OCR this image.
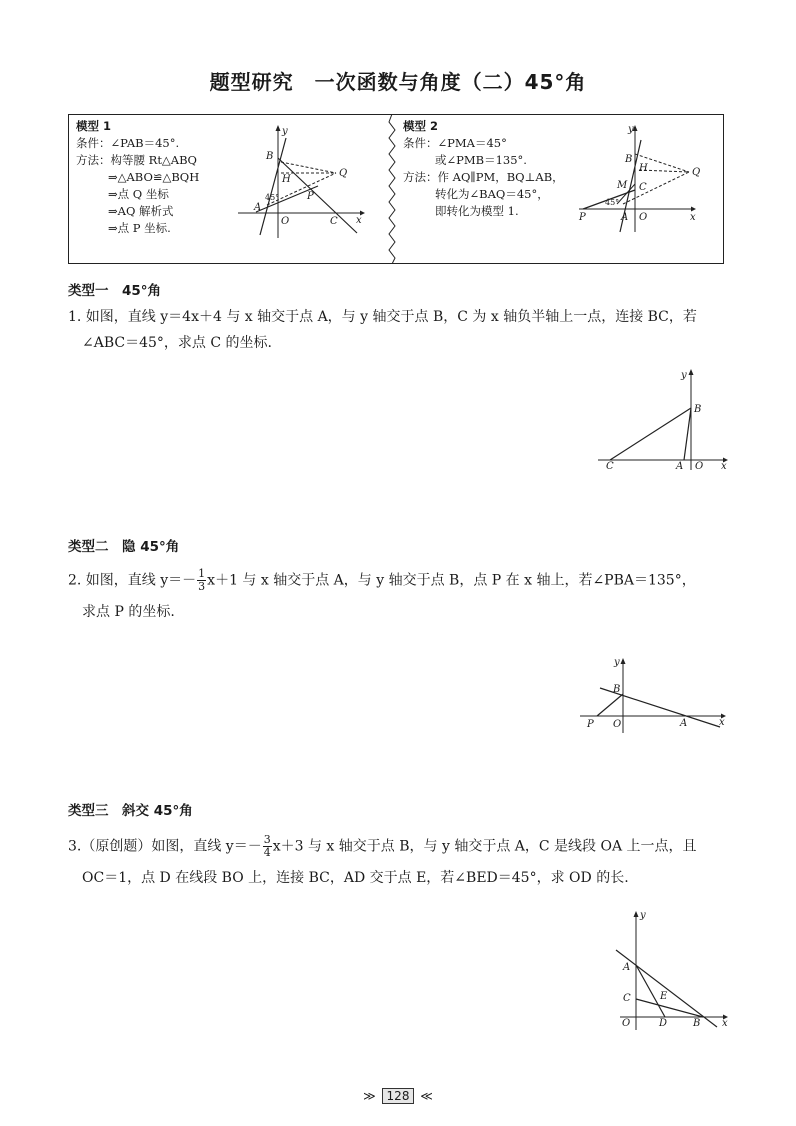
题型研究　一次函数与角度（二）45°角
模型 1
条件：∠PAB＝45°.
方法：构等腰 Rt△ABQ
⇒△ABO≌△BQH
⇒点 Q 坐标
⇒AQ 解析式
⇒点 P 坐标.
x
y
B
H
Q
P
A
O	C
45°
模型 2
条件：∠PMA＝45°
或∠PMB＝135°.
方法：作 AQ∥PM，BQ⊥AB，
转化为∠BAQ＝45°，
即转化为模型 1.	x
y
B
H	Q
M C
P	A O
45°
类型一　45°角
1. 如图，直线 y＝4x＋4 与 x 轴交于点 A，与 y 轴交于点 B，C 为 x 轴负半轴上一点，连接 BC，若
∠ABC＝45°，求点 C 的坐标.
x
y
B
C	A O
类型二　隐 45°角
2. 如图，直线 $y=- \frac{1}{3} x+1$ 与 x 轴交于点 A，与 y 轴交于点 B，点 P 在 x 轴上，若∠PBA＝135°，
求点 P 的坐标.
x
y
B
P O	A
类型三　斜交 45°角
3.（原创题）如图，直线 $y=- \frac{3}{4} x+3$ 与 x 轴交于点 B，与 y 轴交于点 A，C 是线段 OA 上一点，且
OC＝1，点 D 在线段 BO 上，连接 BC，AD 交于点 E，若∠BED＝45°，求 OD 的长.
x
y
A
C	E
O	D	B
≫ 128 ≪
